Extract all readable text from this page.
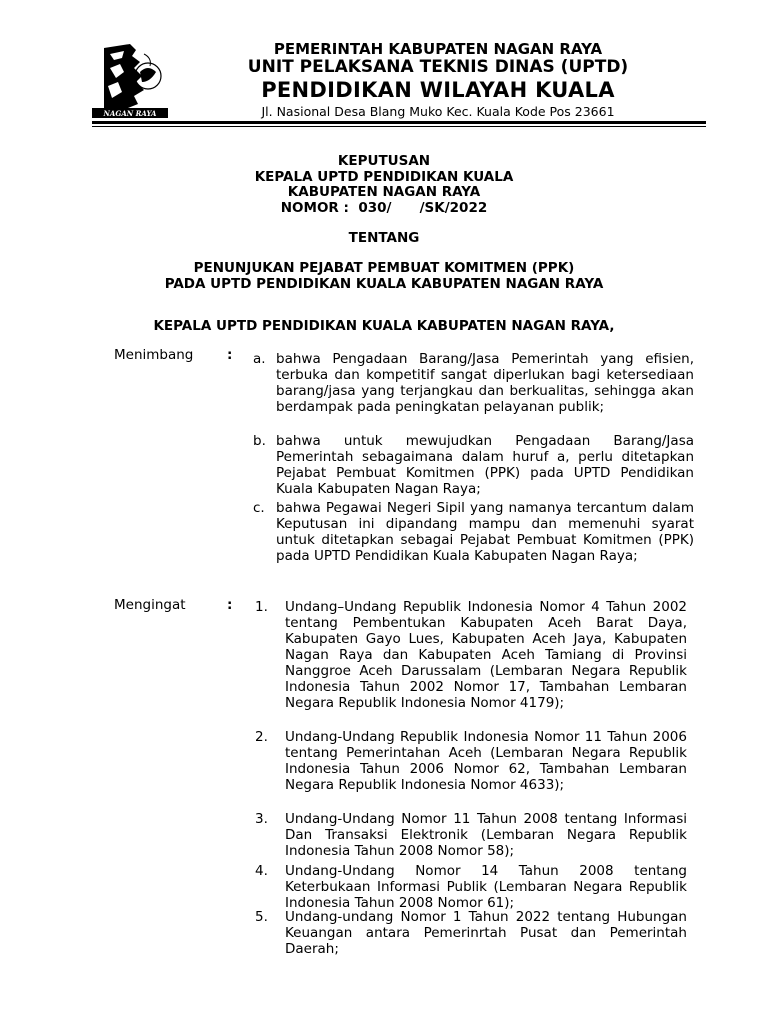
NAGAN RAYA
PEMERINTAH KABUPATEN NAGAN RAYA
UNIT PELAKSANA TEKNIS DINAS (UPTD)
PENDIDIKAN WILAYAH KUALA
Jl. Nasional Desa Blang Muko Kec. Kuala Kode Pos 23661
KEPUTUSAN
KEPALA UPTD PENDIDIKAN KUALA
KABUPATEN NAGAN RAYA
NOMOR :  030/      /SK/2022
TENTANG
PENUNJUKAN PEJABAT PEMBUAT KOMITMEN (PPK)
PADA UPTD PENDIDIKAN KUALA KABUPATEN NAGAN RAYA
KEPALA UPTD PENDIDIKAN KUALA KABUPATEN NAGAN RAYA,
Menimbang : a. bahwa Pengadaan Barang/Jasa Pemerintah yang efisien, terbuka dan kompetitif sangat diperlukan bagi ketersediaan barang/jasa yang terjangkau dan berkualitas, sehingga akan berdampak pada peningkatan pelayanan publik;
b. bahwa untuk mewujudkan Pengadaan Barang/Jasa Pemerintah sebagaimana dalam huruf a, perlu ditetapkan Pejabat Pembuat Komitmen (PPK) pada UPTD Pendidikan Kuala Kabupaten Nagan Raya;
c. bahwa Pegawai Negeri Sipil yang namanya tercantum dalam Keputusan ini dipandang mampu dan memenuhi syarat untuk ditetapkan sebagai Pejabat Pembuat Komitmen (PPK) pada UPTD Pendidikan Kuala Kabupaten Nagan Raya;
Mengingat	: 1. Undang–Undang Republik Indonesia Nomor 4 Tahun 2002 tentang Pembentukan Kabupaten Aceh Barat Daya, Kabupaten Gayo Lues, Kabupaten Aceh Jaya, Kabupaten Nagan Raya dan Kabupaten Aceh Tamiang di Provinsi Nanggroe Aceh Darussalam (Lembaran Negara Republik Indonesia Tahun 2002 Nomor 17, Tambahan Lembaran Negara Republik Indonesia Nomor 4179);
2. Undang-Undang Republik Indonesia Nomor 11 Tahun 2006 tentang Pemerintahan Aceh (Lembaran Negara Republik Indonesia Tahun 2006 Nomor 62, Tambahan Lembaran Negara Republik Indonesia Nomor 4633);
3. Undang-Undang Nomor 11 Tahun 2008 tentang Informasi Dan Transaksi Elektronik (Lembaran Negara Republik Indonesia Tahun 2008 Nomor 58);
4. Undang-Undang Nomor 14 Tahun 2008 tentang Keterbukaan Informasi Publik (Lembaran Negara Republik Indonesia Tahun 2008 Nomor 61);
5. Undang-undang Nomor 1 Tahun 2022 tentang Hubungan Keuangan antara Pemerinrtah Pusat dan Pemerintah Daerah;
